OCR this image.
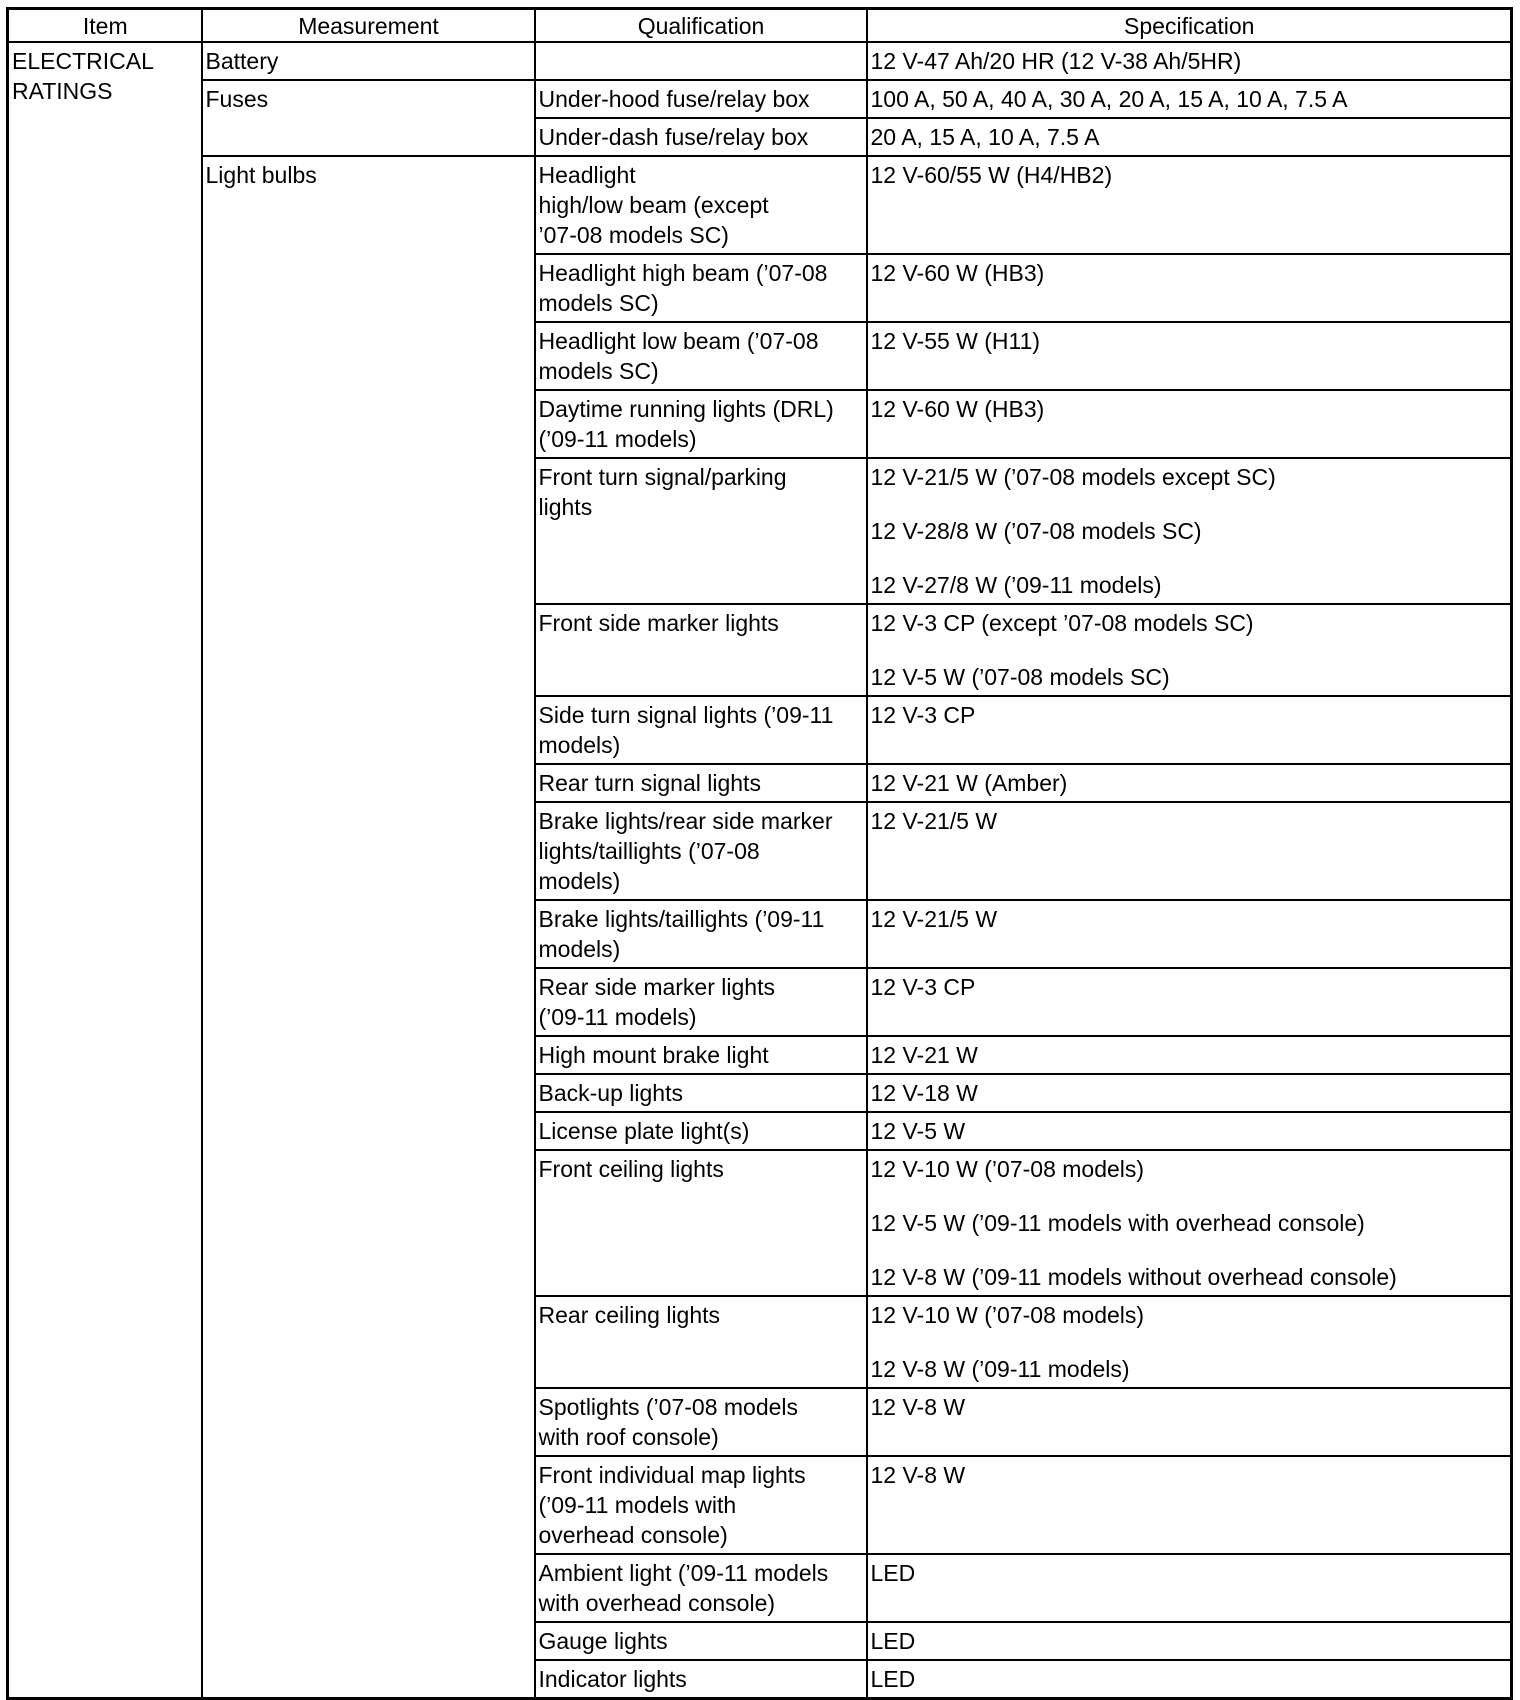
Item	Measurement	Qualification	Specification

ELECTRICAL
RATINGS	Battery		12 V-47 Ah/20 HR (12 V-38 Ah/5HR)

	Fuses	Under-hood fuse/relay box	100 A, 50 A, 40 A, 30 A, 20 A, 15 A, 10 A, 7.5 A

		Under-dash fuse/relay box	20 A, 15 A, 10 A, 7.5 A

	Light bulbs	Headlight
high/low beam (except
’07-08 models SC)	12 V-60/55 W (H4/HB2)

		Headlight high beam (’07-08
models SC)	12 V-60 W (HB3)

		Headlight low beam (’07-08
models SC)	12 V-55 W (H11)

		Daytime running lights (DRL)
(’09-11 models)	12 V-60 W (HB3)

		Front turn signal/parking
lights	12 V-21/5 W (’07-08 models except SC)
12 V-28/8 W (’07-08 models SC)
12 V-27/8 W (’09-11 models)

		Front side marker lights	12 V-3 CP (except ’07-08 models SC)
12 V-5 W (’07-08 models SC)

		Side turn signal lights (’09-11
models)	12 V-3 CP

		Rear turn signal lights	12 V-21 W (Amber)

		Brake lights/rear side marker
lights/taillights (’07-08
models)	12 V-21/5 W

		Brake lights/taillights (’09-11
models)	12 V-21/5 W

		Rear side marker lights
(’09-11 models)	12 V-3 CP

		High mount brake light	12 V-21 W

		Back-up lights	12 V-18 W

		License plate light(s)	12 V-5 W

		Front ceiling lights	12 V-10 W (’07-08 models)
12 V-5 W (’09-11 models with overhead console)
12 V-8 W (’09-11 models without overhead console)

		Rear ceiling lights	12 V-10 W (’07-08 models)
12 V-8 W (’09-11 models)

		Spotlights (’07-08 models
with roof console)	12 V-8 W

		Front individual map lights
(’09-11 models with
overhead console)	12 V-8 W

		Ambient light (’09-11 models
with overhead console)	LED

		Gauge lights	LED

		Indicator lights	LED
